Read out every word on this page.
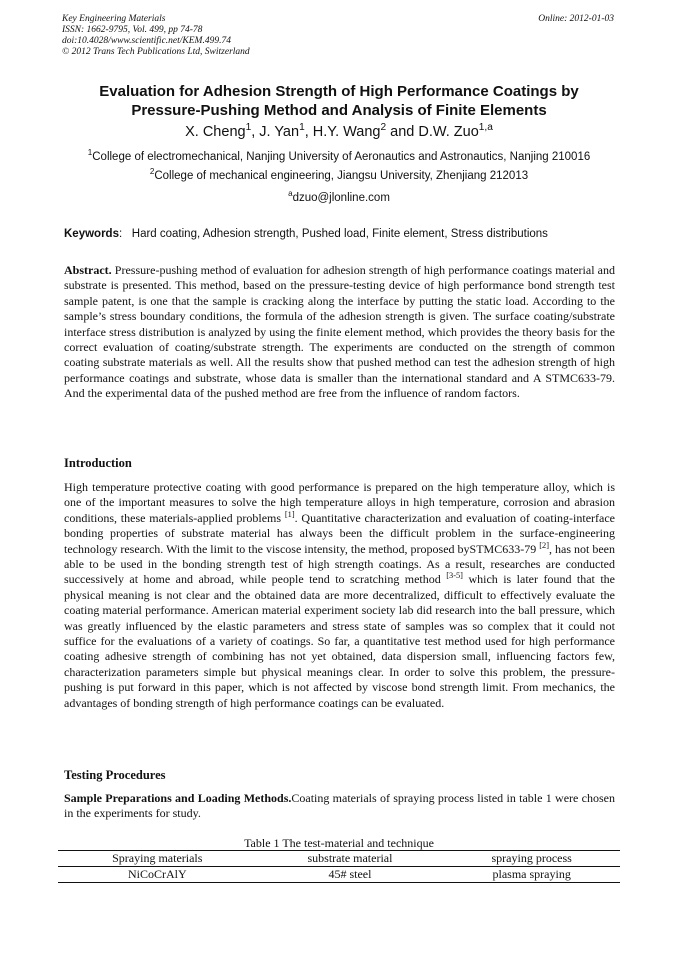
Key Engineering Materials
ISSN: 1662-9795, Vol. 499, pp 74-78
doi:10.4028/www.scientific.net/KEM.499.74
© 2012 Trans Tech Publications Ltd, Switzerland
Online: 2012-01-03
Evaluation for Adhesion Strength of High Performance Coatings by
Pressure-Pushing Method and Analysis of Finite Elements
X. Cheng$^1$, J. Yan$^1$, H.Y. Wang$^2$ and D.W. Zuo$^{1,a}$
$^1$College of electromechanical, Nanjing University of Aeronautics and Astronautics, Nanjing 210016
$^2$College of mechanical engineering, Jiangsu University, Zhenjiang 212013
$^a$dzuo@jlonline.com
Keywords: Hard coating, Adhesion strength, Pushed load, Finite element, Stress distributions
Abstract. Pressure-pushing method of evaluation for adhesion strength of high performance coatings material and substrate is presented. This method, based on the pressure-testing device of high performance bond strength test sample patent, is one that the sample is cracking along the interface by putting the static load. According to the sample’s stress boundary conditions, the formula of the adhesion strength is given. The surface coating/substrate interface stress distribution is analyzed by using the finite element method, which provides the theory basis for the correct evaluation of coating/substrate strength. The experiments are conducted on the strength of common coating substrate materials as well. All the results show that pushed method can test the adhesion strength of high performance coatings and substrate, whose data is smaller than the international standard and A STMC633-79. And the experimental data of the pushed method are free from the influence of random factors.
Introduction
High temperature protective coating with good performance is prepared on the high temperature alloy, which is one of the important measures to solve the high temperature alloys in high temperature, corrosion and abrasion conditions, these materials-applied problems [1]. Quantitative characterization and evaluation of coating-interface bonding properties of substrate material has always been the difficult problem in the surface-engineering technology research. With the limit to the viscose intensity, the method, proposed bySTMC633-79 [2], has not been able to be used in the bonding strength test of high strength coatings. As a result, researches are conducted successively at home and abroad, while people tend to scratching method [3-5] which is later found that the physical meaning is not clear and the obtained data are more decentralized, difficult to effectively evaluate the coating material performance. American material experiment society lab did research into the ball pressure, which was greatly influenced by the elastic parameters and stress state of samples was so complex that it could not suffice for the evaluations of a variety of coatings. So far, a quantitative test method used for high performance coating adhesive strength of combining has not yet obtained, data dispersion small, influencing factors few, characterization parameters simple but physical meanings clear. In order to solve this problem, the pressure-pushing is put forward in this paper, which is not affected by viscose bond strength limit. From mechanics, the advantages of bonding strength of high performance coatings can be evaluated.
Testing Procedures
Sample Preparations and Loading Methods.Coating materials of spraying process listed in table 1 were chosen in the experiments for study.
Table 1 The test-material and technique
Spraying materials	substrate material	spraying process
NiCoCrAlY	45# steel	plasma spraying
